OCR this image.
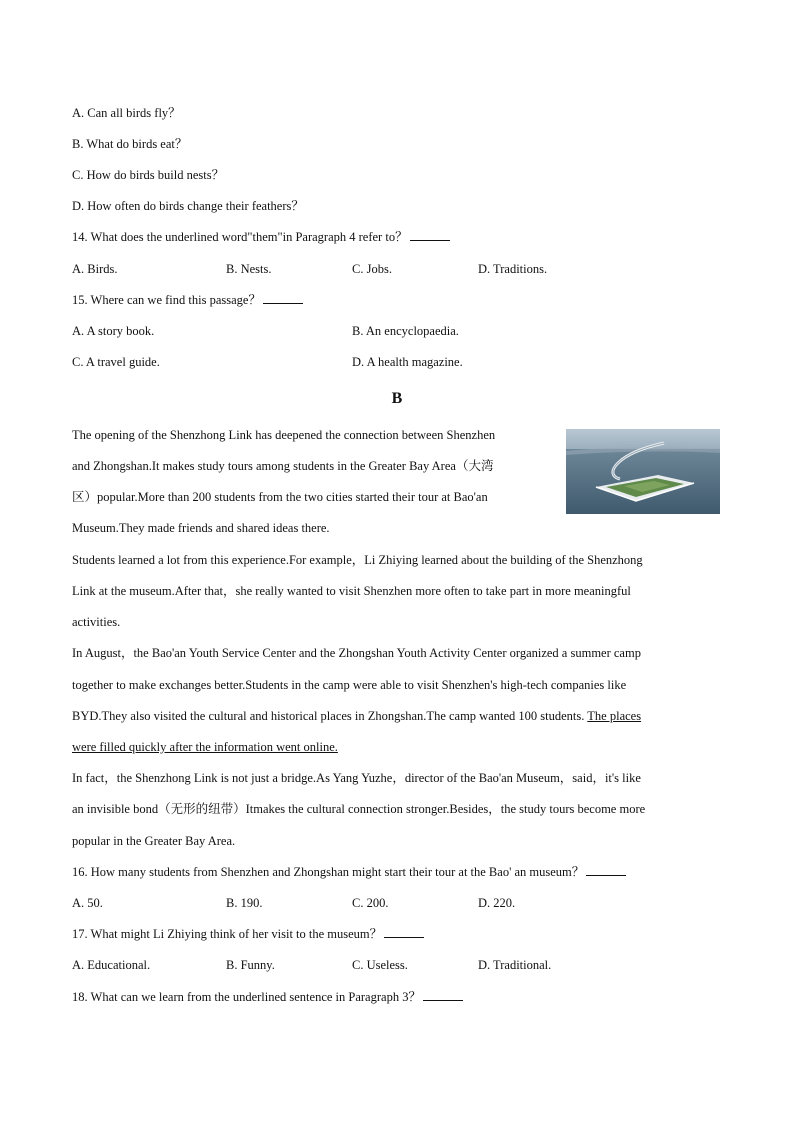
A. Can all birds fly？
B. What do birds eat？
C. How do birds build nests？
D. How often do birds change their feathers？
14. What does the underlined word"them"in Paragraph 4 refer to？
A. Birds.	B. Nests.	C. Jobs.	D. Traditions.
15. Where can we find this passage？
A. A story book.	B. An encyclopaedia.
C. A travel guide.	D. A health magazine.
B
The opening of the Shenzhong Link has deepened the connection between Shenzhen
and Zhongshan.It makes study tours among students in the Greater Bay Area（大湾
区）popular.More than 200 students from the two cities started their tour at Bao'an
Museum.They made friends and shared ideas there.
Students learned a lot from this experience.For example，Li Zhiying learned about the building of the Shenzhong
Link at the museum.After that，she really wanted to visit Shenzhen more often to take part in more meaningful
activities.
In August，the Bao'an Youth Service Center and the Zhongshan Youth Activity Center organized a summer camp
together to make exchanges better.Students in the camp were able to visit Shenzhen's high-tech companies like
BYD.They also visited the cultural and historical places in Zhongshan.The camp wanted 100 students. The places
were filled quickly after the information went online.
In fact，the Shenzhong Link is not just a bridge.As Yang Yuzhe，director of the Bao'an Museum，said，it's like
an invisible bond（无形的纽带）Itmakes the cultural connection stronger.Besides，the study tours become more
popular in the Greater Bay Area.
16. How many students from Shenzhen and Zhongshan might start their tour at the Bao' an museum？
A. 50.	B. 190.	C. 200.	D. 220.
17. What might Li Zhiying think of her visit to the museum？
A. Educational.	B. Funny.	C. Useless.	D. Traditional.
18. What can we learn from the underlined sentence in Paragraph 3？
